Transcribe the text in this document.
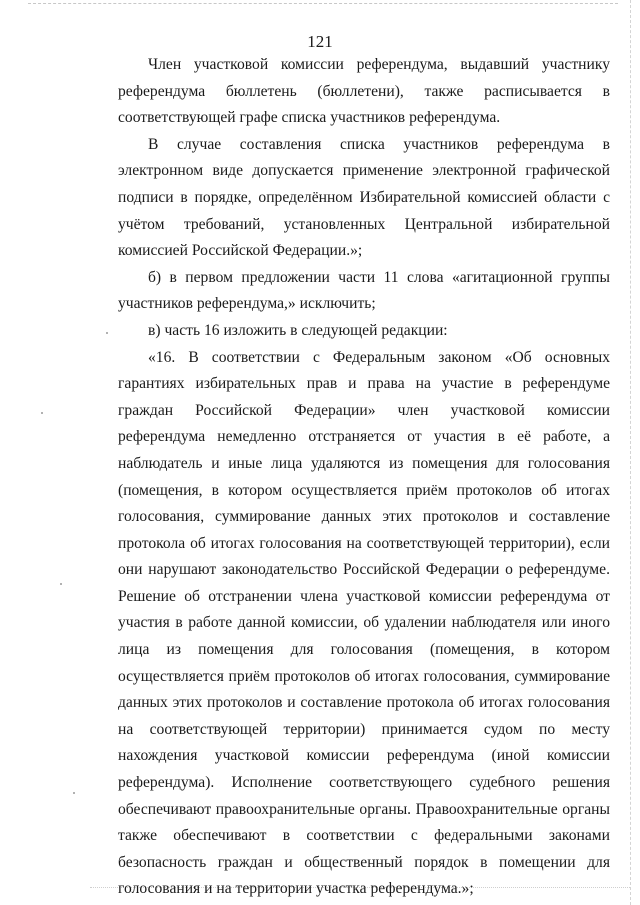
121

Член участковой комиссии референдума, выдавший участнику референдума бюллетень (бюллетени), также расписывается в соответствующей графе списка участников референдума.

В случае составления списка участников референдума в электронном виде допускается применение электронной графической подписи в порядке, определённом Избирательной комиссией области с учётом требований, установленных Центральной избирательной комиссией Российской Федерации.»;

б) в первом предложении части 11 слова «агитационной группы участников референдума,» исключить;

в) часть 16 изложить в следующей редакции:

«16. В соответствии с Федеральным законом «Об основных гарантиях избирательных прав и права на участие в референдуме граждан Российской Федерации» член участковой комиссии референдума немедленно отстраняется от участия в её работе, а наблюдатель и иные лица удаляются из помещения для голосования (помещения, в котором осуществляется приём протоколов об итогах голосования, суммирование данных этих протоколов и составление протокола об итогах голосования на соответствующей территории), если они нарушают законодательство Российской Федерации о референдуме. Решение об отстранении члена участковой комиссии референдума от участия в работе данной комиссии, об удалении наблюдателя или иного лица из помещения для голосования (помещения, в котором осуществляется приём протоколов об итогах голосования, суммирование данных этих протоколов и составление протокола об итогах голосования на соответствующей территории) принимается судом по месту нахождения участковой комиссии референдума (иной комиссии референдума). Исполнение соответствующего судебного решения обеспечивают правоохранительные органы. Правоохранительные органы также обеспечивают в соответствии с федеральными законами безопасность граждан и общественный порядок в помещении для голосования и на территории участка референдума.»;
